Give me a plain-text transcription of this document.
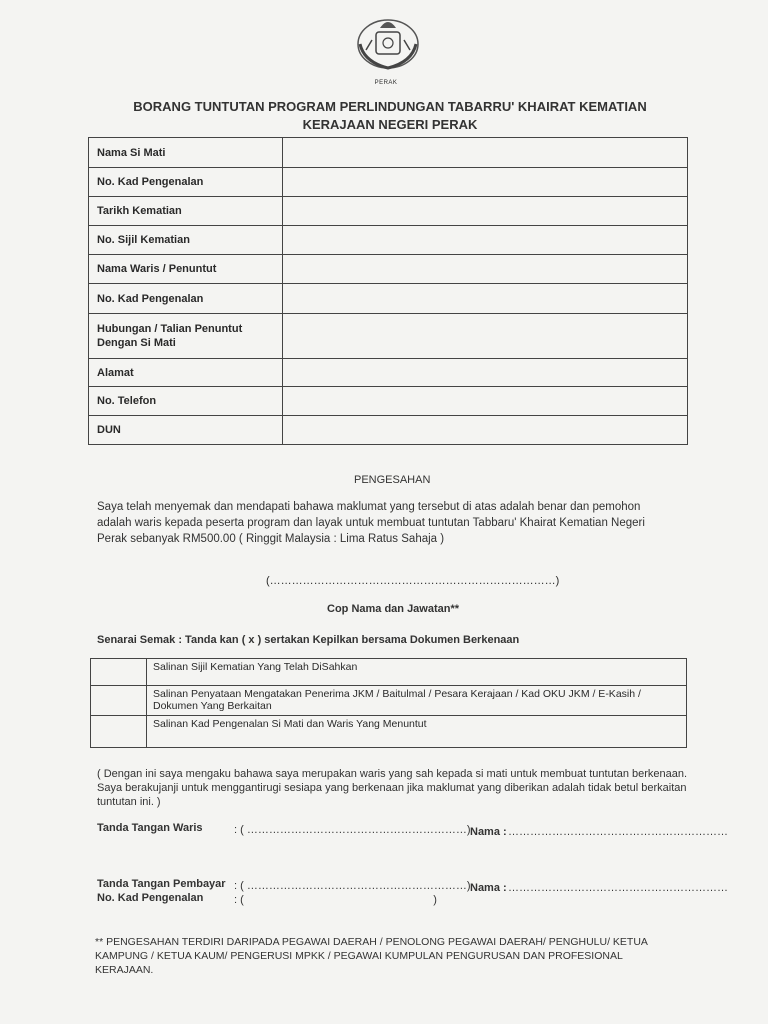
PERAK
BORANG TUNTUTAN PROGRAM PERLINDUNGAN TABARRU' KHAIRAT KEMATIAN
KERAJAAN NEGERI PERAK
Nama Si Mati	
No. Kad Pengenalan	
Tarikh Kematian	
No. Sijil Kematian	
Nama Waris / Penuntut	
No. Kad Pengenalan	
Hubungan / Talian Penuntut
Dengan Si Mati	
Alamat	
No. Telefon	
DUN	
PENGESAHAN
Saya telah menyemak dan mendapati bahawa maklumat yang tersebut di atas adalah benar dan pemohon
adalah waris kepada peserta program dan layak untuk membuat tuntutan Tabbaru' Khairat Kematian Negeri
Perak sebanyak RM500.00 ( Ringgit Malaysia : Lima Ratus Sahaja )
(……………………………………………………………………)
Cop Nama dan Jawatan**
Senarai Semak : Tanda kan ( x ) sertakan Kepilkan bersama Dokumen Berkenaan
	Salinan Sijil Kematian Yang Telah DiSahkan
	Salinan Penyataan Mengatakan Penerima JKM / Baitulmal / Pesara Kerajaan / Kad OKU JKM / E-Kasih /
Dokumen Yang Berkaitan
	Salinan Kad Pengenalan Si Mati dan Waris Yang Menuntut
( Dengan ini saya mengaku bahawa saya merupakan waris yang sah kepada si mati untuk membuat tuntutan berkenaan.
Saya berakujanji untuk menggantirugi sesiapa yang berkenaan jika maklumat yang diberikan adalah tidak betul berkaitan
tuntutan ini. )
Tanda Tangan Waris	: ( ……………………………………………………) Nama : ……………………………………………………
Tanda Tangan Pembayar : ( ……………………………………………………)
No. Kad Pengenalan	: (                                                              )
Nama : ……………………………………………………
** PENGESAHAN TERDIRI DARIPADA PEGAWAI DAERAH / PENOLONG PEGAWAI DAERAH/ PENGHULU/ KETUA
KAMPUNG / KETUA KAUM/ PENGERUSI MPKK / PEGAWAI KUMPULAN PENGURUSAN DAN PROFESIONAL
KERAJAAN.
